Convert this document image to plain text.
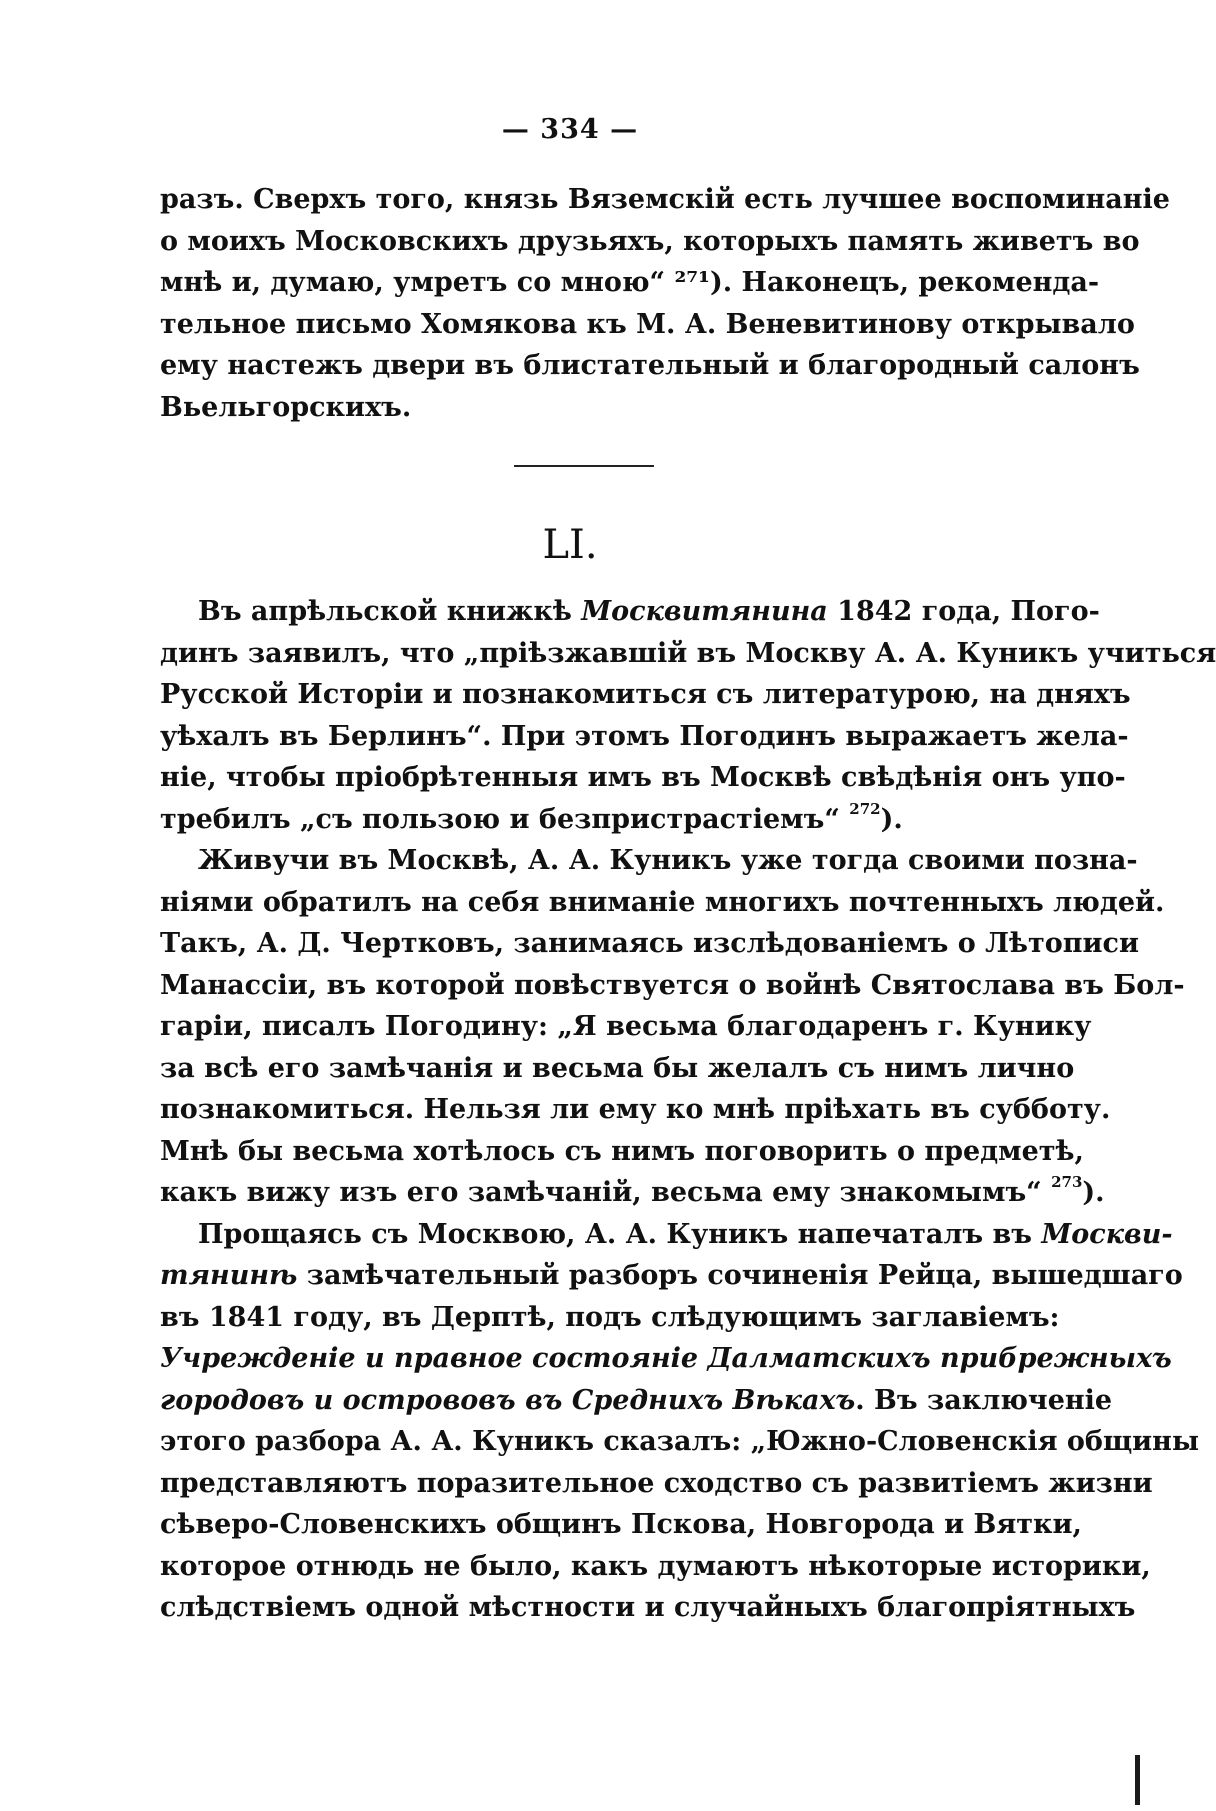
— 334 —
разъ. Сверхъ того, князь Вяземскій есть лучшее воспоминаніе
о моихъ Московскихъ друзьяхъ, которыхъ память живетъ во
мнѣ и, думаю, умретъ со мною“ ²⁷¹). Наконецъ, рекоменда-
тельное письмо Хомякова къ М. А. Веневитинову открывало
ему настежъ двери въ блистательный и благородный салонъ
Вьельгорскихъ.
LI.
Въ апрѣльской книжкѣ Москвитянина 1842 года, Пого-
динъ заявилъ, что „пріѣзжавшій въ Москву А. А. Куникъ учиться
Русской Исторіи и познакомиться съ литературою, на дняхъ
уѣхалъ въ Берлинъ“. При этомъ Погодинъ выражаетъ жела-
ніе, чтобы пріобрѣтенныя имъ въ Москвѣ свѣдѣнія онъ упо-
требилъ „съ пользою и безпристрастіемъ“ $^{272}$).
Живучи въ Москвѣ, А. А. Куникъ уже тогда своими позна-
ніями обратилъ на себя вниманіе многихъ почтенныхъ людей.
Такъ, А. Д. Чертковъ, занимаясь изслѣдованіемъ о Лѣтописи
Манассіи, въ которой повѣствуется о войнѣ Святослава въ Бол-
гаріи, писалъ Погодину: „Я весьма благодаренъ г. Кунику
за всѣ его замѣчанія и весьма бы желалъ съ нимъ лично
познакомиться. Нельзя ли ему ко мнѣ пріѣхать въ субботу.
Мнѣ бы весьма хотѣлось съ нимъ поговорить о предметѣ,
какъ вижу изъ его замѣчаній, весьма ему знакомымъ“ $^{273}$).
Прощаясь съ Москвою, А. А. Куникъ напечаталъ въ Москви-
тянинѣ замѣчательный разборъ сочиненія Рейца, вышедшаго
въ 1841 году, въ Дерптѣ, подъ слѣдующимъ заглавіемъ:
Учрежденіе и правное состояніе Далматскихъ прибрежныхъ
городовъ и острововъ въ Среднихъ Вѣкахъ. Въ заключеніе
этого разбора А. А. Куникъ сказалъ: „Южно-Словенскія общины
представляютъ поразительное сходство съ развитіемъ жизни
сѣверо-Словенскихъ общинъ Пскова, Новгорода и Вятки,
которое отнюдь не было, какъ думаютъ нѣкоторые историки,
слѣдствіемъ одной мѣстности и случайныхъ благопріятныхъ
